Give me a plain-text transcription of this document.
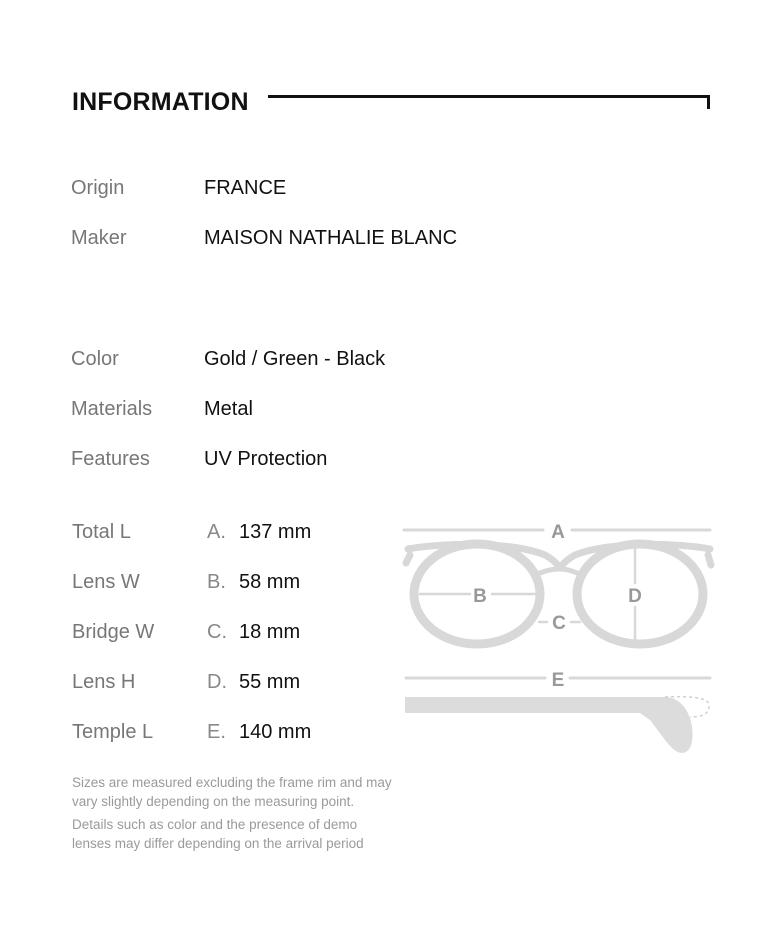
INFORMATION
Origin	FRANCE
Maker	MAISON NATHALIE BLANC
Color	Gold / Green - Black
Materials	Metal
Features	UV Protection
Total L	A. 137 mm
Lens W	B. 58 mm
Bridge W	C. 18 mm
Lens H	D. 55 mm
Temple L	E. 140 mm
A
B
C
D
E
Sizes are measured excluding the frame rim and may
vary slightly depending on the measuring point.
Details such as color and the presence of demo
lenses may differ depending on the arrival period
